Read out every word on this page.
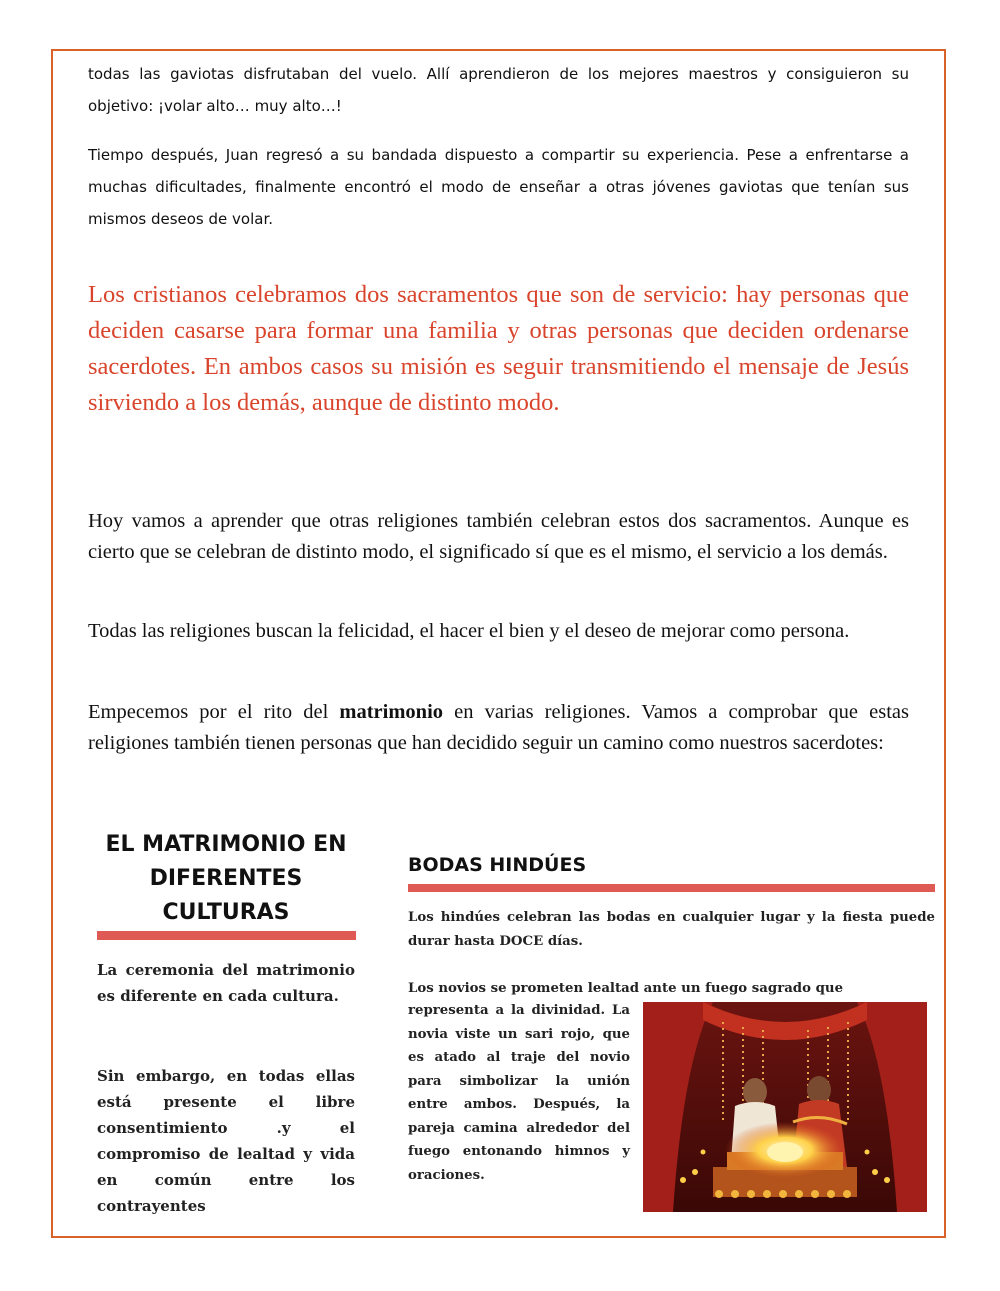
todas las gaviotas disfrutaban del vuelo. Allí aprendieron de los mejores maestros y consiguieron su objetivo: ¡volar alto… muy alto…!

Tiempo después, Juan regresó a su bandada dispuesto a compartir su experiencia. Pese a enfrentarse a muchas dificultades, finalmente encontró el modo de enseñar a otras jóvenes gaviotas que tenían sus mismos deseos de volar.

Los cristianos celebramos dos sacramentos que son de servicio: hay personas que deciden casarse para formar una familia y otras personas que deciden ordenarse sacerdotes. En ambos casos su misión es seguir transmitiendo el mensaje de Jesús sirviendo a los demás, aunque de distinto modo.

Hoy vamos a aprender que otras religiones también celebran estos dos sacramentos. Aunque es cierto que se celebran de distinto modo, el significado sí que es el mismo, el servicio a los demás.

Todas las religiones buscan la felicidad, el hacer el bien y el deseo de mejorar como persona.

Empecemos por el rito del matrimonio en varias religiones. Vamos a comprobar que estas religiones también tienen personas que han decidido seguir un camino como nuestros sacerdotes:

EL MATRIMONIO EN DIFERENTES CULTURAS

La ceremonia del matrimonio es diferente en cada cultura.

Sin embargo, en todas ellas está presente el libre consentimiento .y el compromiso de lealtad y vida en común entre los contrayentes

BODAS HINDÚES

Los hindúes celebran las bodas en cualquier lugar y la fiesta puede durar hasta DOCE días.

Los novios se prometen lealtad ante un fuego sagrado que

representa a la divinidad. La novia viste un sari rojo, que es atado al traje del novio para simbolizar la unión entre ambos. Después, la pareja camina alrededor del fuego entonando himnos y oraciones.
